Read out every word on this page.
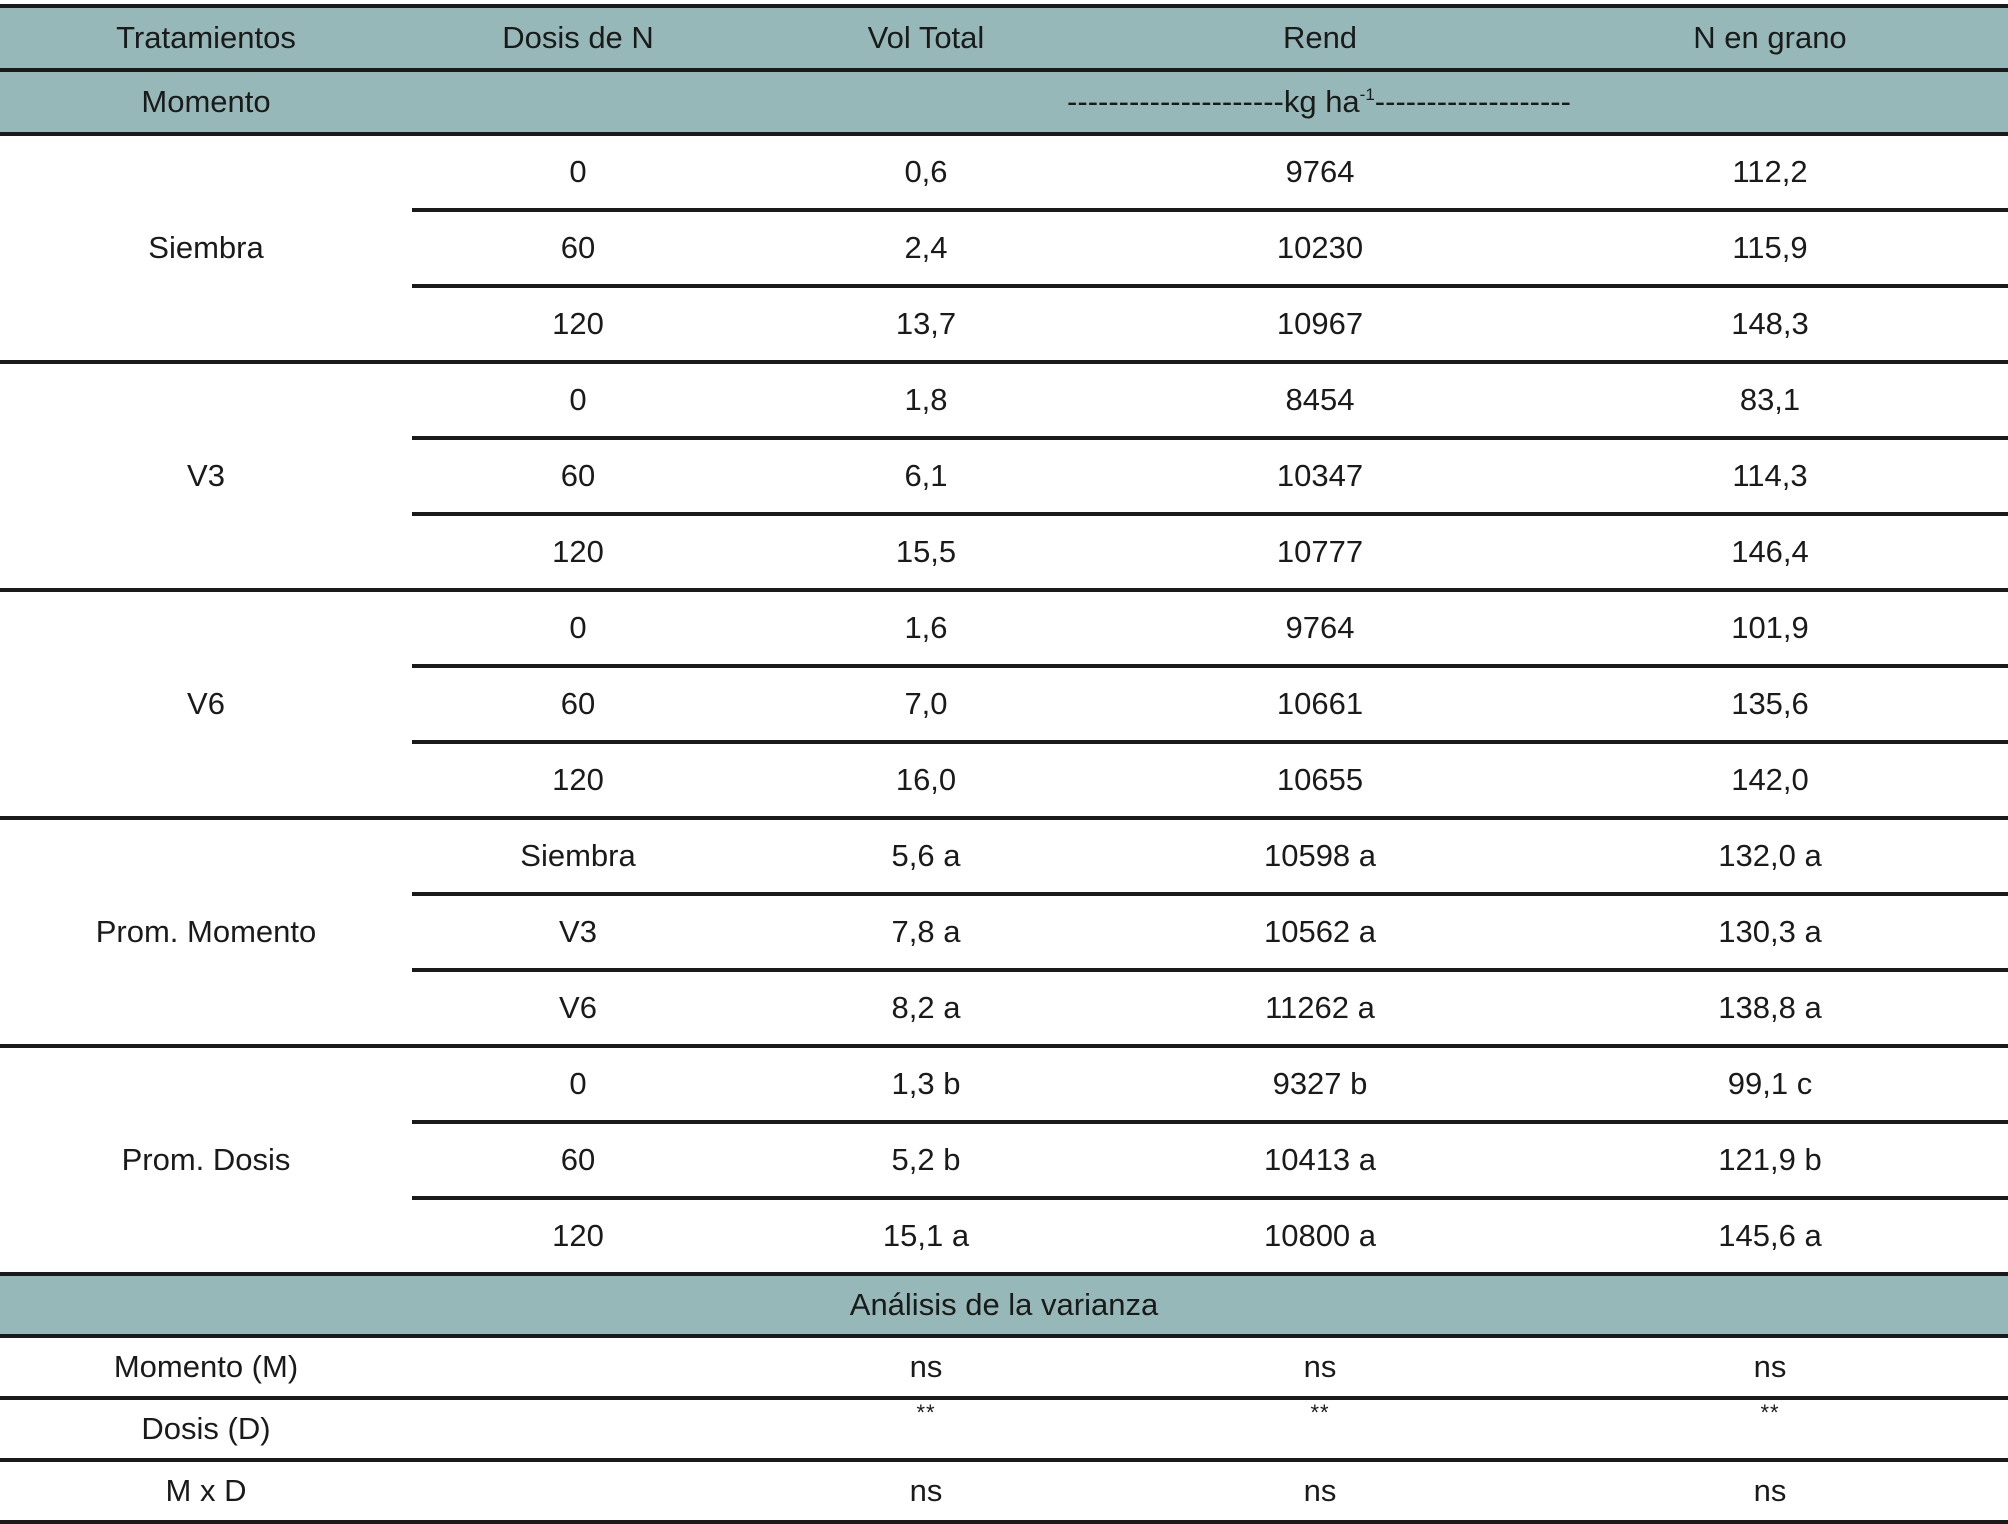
Tratamientos	Dosis de N	Vol Total	Rend	N en grano
Momento		---------------------kg $ha^{-1}-------------------$		

Siembra	0	0,6	9764	112,2
	60	2,4	10230	115,9
	120	13,7	10967	148,3
V3	0	1,8	8454	83,1
	60	6,1	10347	114,3
	120	15,5	10777	146,4
V6	0	1,6	9764	101,9
	60	7,0	10661	135,6
	120	16,0	10655	142,0
Prom. Momento	Siembra	5,6 a	10598 a	132,0 a
	V3	7,8 a	10562 a	130,3 a
	V6	8,2 a	11262 a	138,8 a
Prom. Dosis	0	1,3 b	9327 b	99,1 c
	60	5,2 b	10413 a	121,9 b
	120	15,1 a	10800 a	145,6 a
Análisis de la varianza				
Momento (M)		ns	ns	ns
Dosis (D)		**	**	**
M x D		ns	ns	ns
